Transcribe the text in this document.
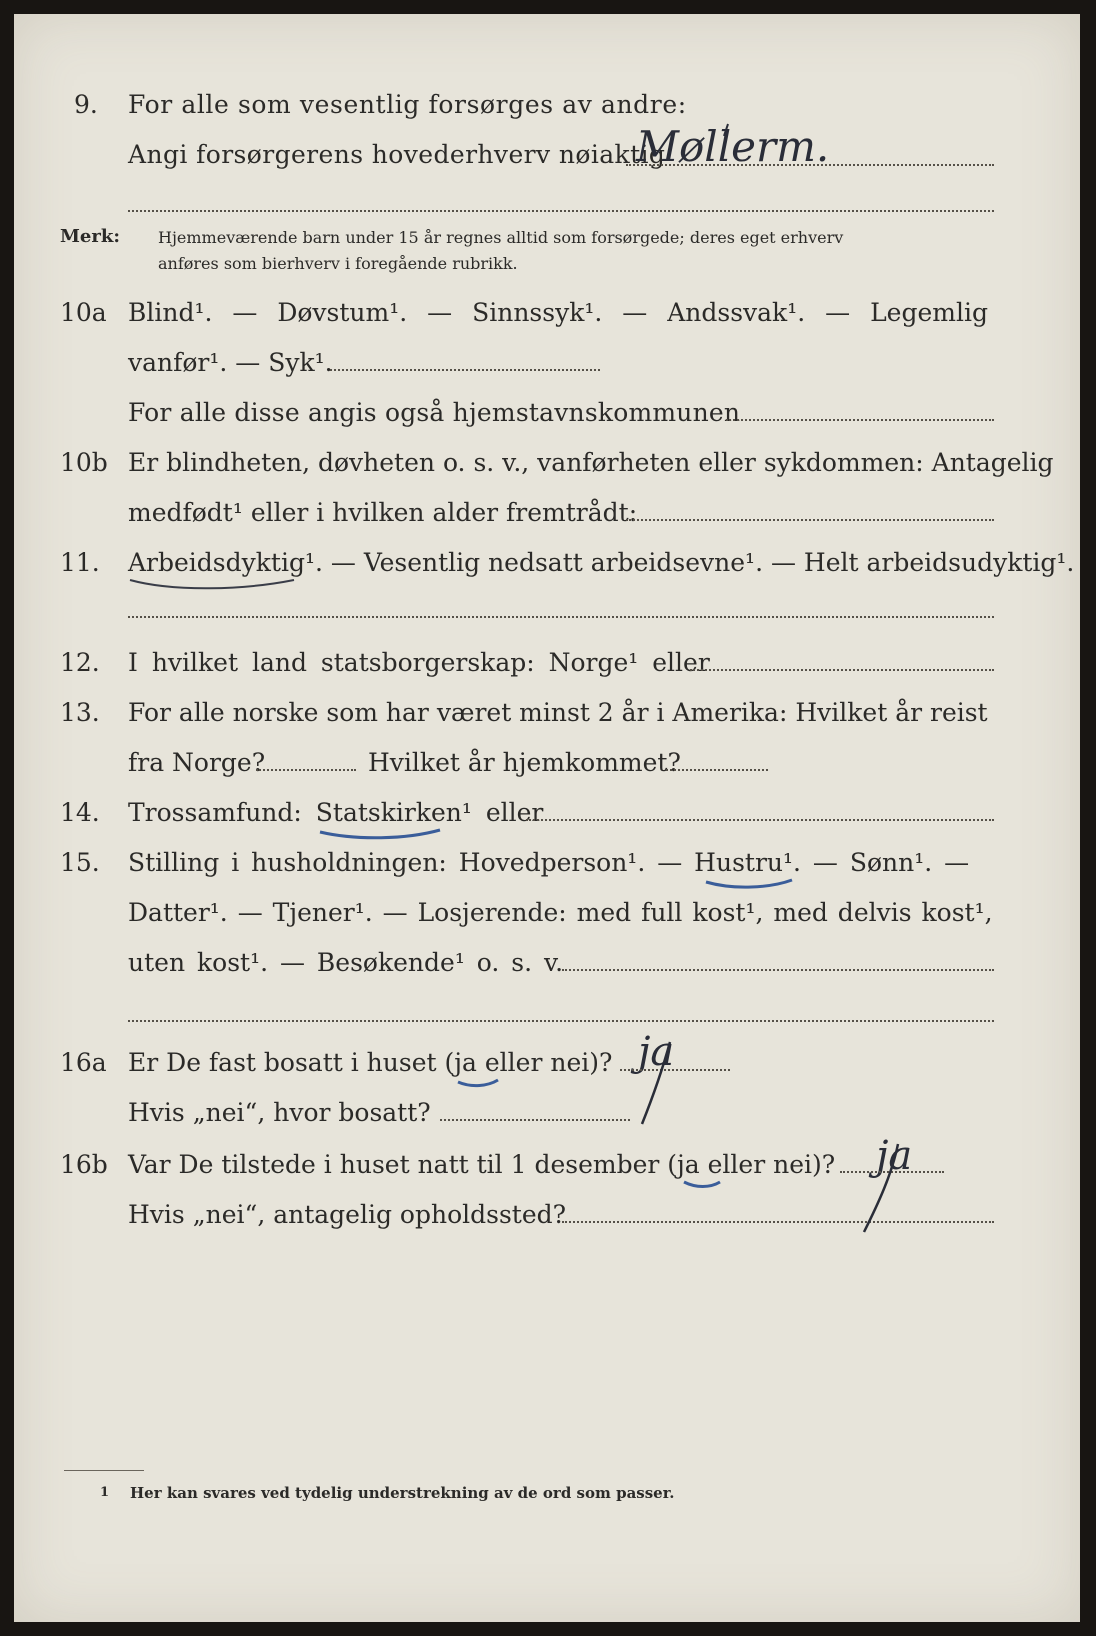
9. For alle som vesentlig forsørges av andre:
Angi forsørgerens hovederhverv nøiaktig
Møllerm.
Merk: Hjemmeværende barn under 15 år regnes alltid som forsørgede; deres eget erhverv
anføres som bierhverv i foregående rubrikk.
10a Blind¹. — Døvstum¹. — Sinnssyk¹. — Andssvak¹. — Legemlig
vanfør¹. — Syk¹.
For alle disse angis også hjemstavnskommunen
10b Er blindheten, døvheten o. s. v., vanførheten eller sykdommen: Antagelig
medfødt¹ eller i hvilken alder fremtrådt:
11. Arbeidsdyktig¹. — Vesentlig nedsatt arbeidsevne¹. — Helt arbeidsudyktig¹.
12. I hvilket land statsborgerskap: Norge¹ eller
13. For alle norske som har været minst 2 år i Amerika: Hvilket år reist
fra Norge?	Hvilket år hjemkommet?
14. Trossamfund: Statskirken¹ eller
15. Stilling i husholdningen: Hovedperson¹. — Hustru¹. — Sønn¹. —
Datter¹. — Tjener¹. — Losjerende: med full kost¹, med delvis kost¹,
uten kost¹. — Besøkende¹ o. s. v.
16a Er De fast bosatt i huset (ja eller nei)? ja
Hvis „nei“, hvor bosatt?
16b Var De tilstede i huset natt til 1 desember (ja eller nei)? ja
Hvis „nei“, antagelig opholdssted?
1 Her kan svares ved tydelig understrekning av de ord som passer.
